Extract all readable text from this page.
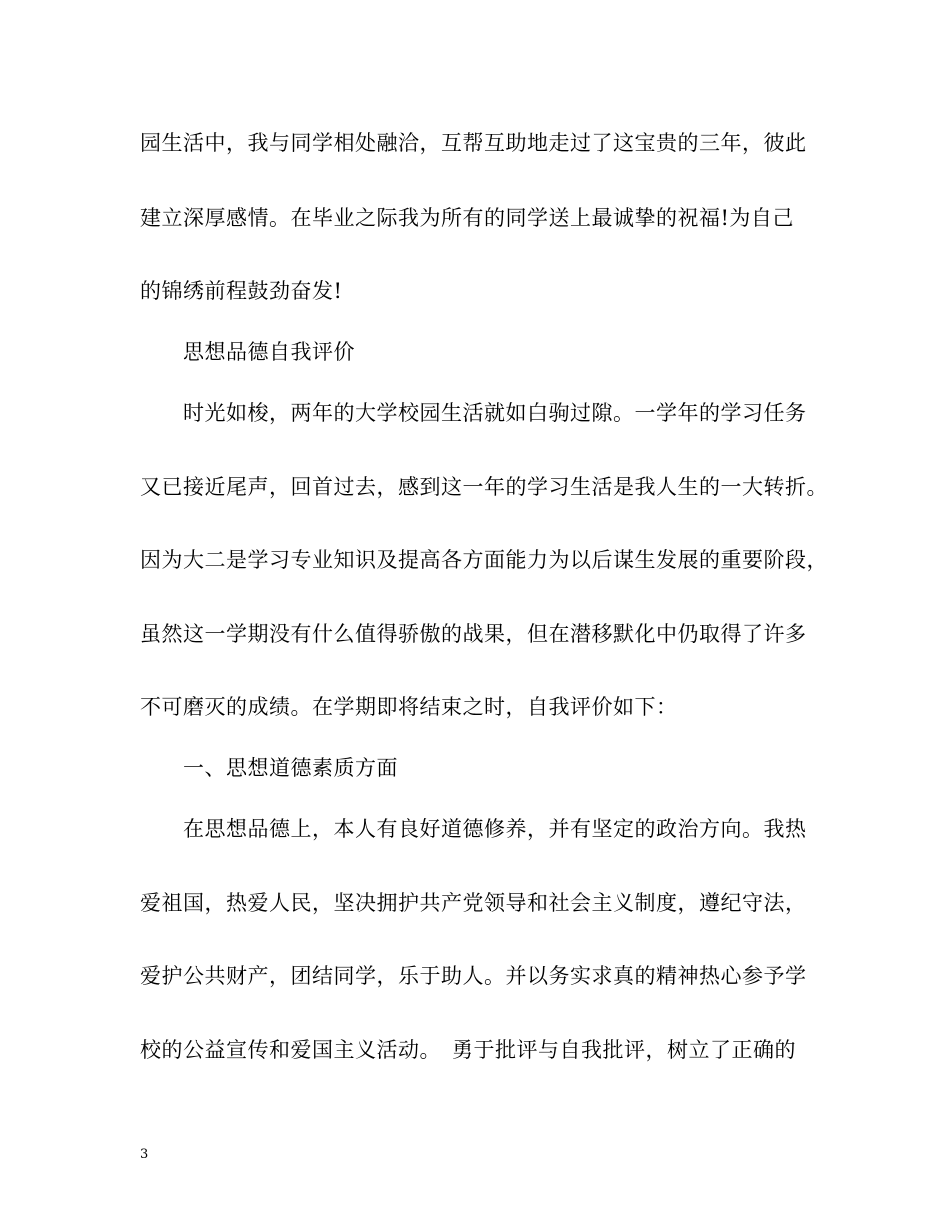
园生活中，我与同学相处融洽，互帮互助地走过了这宝贵的三年，彼此
建立深厚感情。在毕业之际我为所有的同学送上最诚挚的祝福!为自己
的锦绣前程鼓劲奋发!
思想品德自我评价
时光如梭，两年的大学校园生活就如白驹过隙。一学年的学习任务
又已接近尾声，回首过去，感到这一年的学习生活是我人生的一大转折。
因为大二是学习专业知识及提高各方面能力为以后谋生发展的重要阶段，
虽然这一学期没有什么值得骄傲的战果，但在潜移默化中仍取得了许多
不可磨灭的成绩。在学期即将结束之时，自我评价如下：
一、思想道德素质方面
在思想品德上，本人有良好道德修养，并有坚定的政治方向。我热
爱祖国，热爱人民，坚决拥护共产党领导和社会主义制度，遵纪守法，
爱护公共财产，团结同学，乐于助人。并以务实求真的精神热心参予学
校的公益宣传和爱国主义活动。　勇于批评与自我批评，树立了正确的
3
